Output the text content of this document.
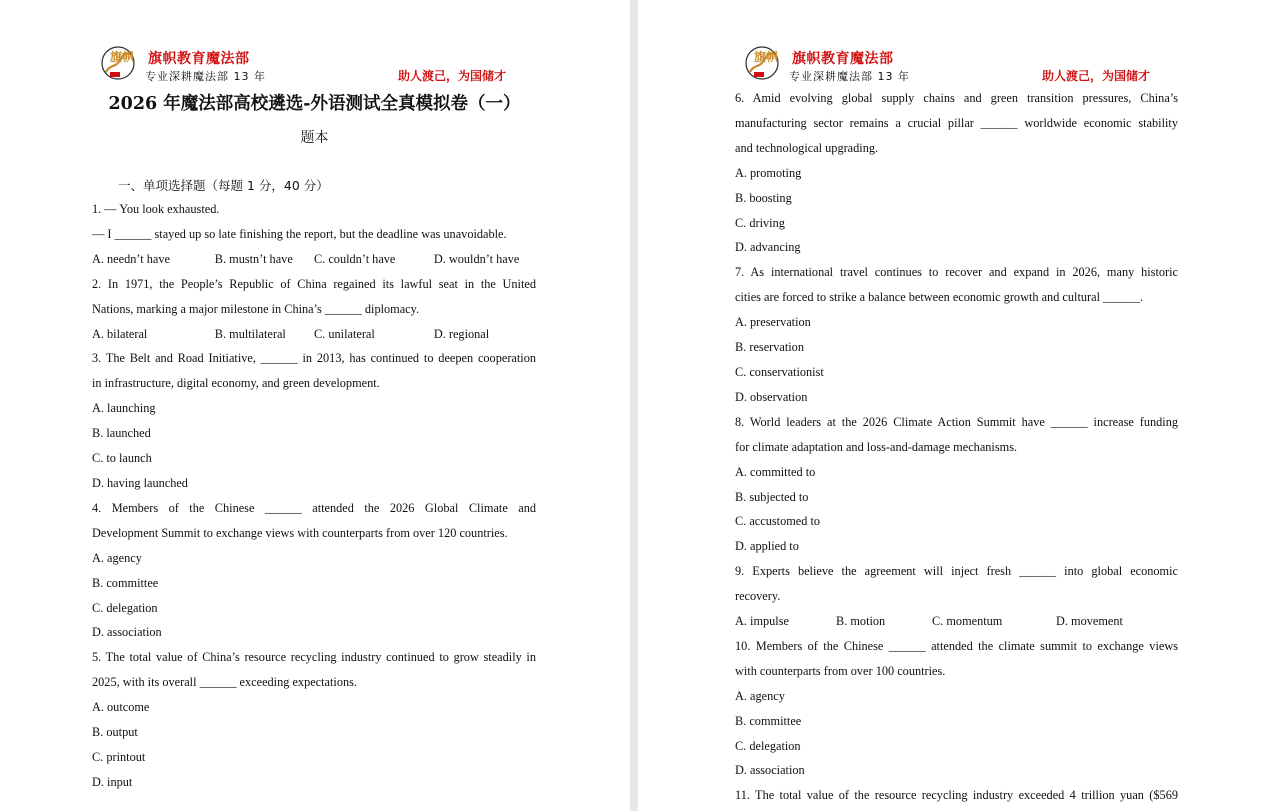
旗帜 旗帜教育魔法部
专业深耕魔法部 13 年	助人渡己，为国储才
2026 年魔法部高校遴选-外语测试全真模拟卷（一）
题本
一、单项选择题（每题 1 分，40 分）
1. — You look exhausted.
— I ______ stayed up so late finishing the report, but the deadline was unavoidable.
A. needn’t have	B. mustn’t have	C. couldn’t have	D. wouldn’t have
2. In 1971, the People’s Republic of China regained its lawful seat in the United
Nations, marking a major milestone in China’s ______ diplomacy.
A. bilateral	B. multilateral	C. unilateral	D. regional
3. The Belt and Road Initiative, ______ in 2013, has continued to deepen cooperation
in infrastructure, digital economy, and green development.
A. launching
B. launched
C. to launch
D. having launched
4. Members of the Chinese ______ attended the 2026 Global Climate and
Development Summit to exchange views with counterparts from over 120 countries.
A. agency
B. committee
C. delegation
D. association
5. The total value of China’s resource recycling industry continued to grow steadily in
2025, with its overall ______ exceeding expectations.
A. outcome
B. output
C. printout
D. input
旗帜 旗帜教育魔法部
专业深耕魔法部 13 年	助人渡己，为国储才
6. Amid evolving global supply chains and green transition pressures, China’s
manufacturing sector remains a crucial pillar ______ worldwide economic stability
and technological upgrading.
A. promoting
B. boosting
C. driving
D. advancing
7. As international travel continues to recover and expand in 2026, many historic
cities are forced to strike a balance between economic growth and cultural ______.
A. preservation
B. reservation
C. conservationist
D. observation
8. World leaders at the 2026 Climate Action Summit have ______ increase funding
for climate adaptation and loss-and-damage mechanisms.
A. committed to
B. subjected to
C. accustomed to
D. applied to
9. Experts believe the agreement will inject fresh ______ into global economic
recovery.
A. impulse	B. motion	C. momentum	D. movement
10. Members of the Chinese ______ attended the climate summit to exchange views
with counterparts from over 100 countries.
A. agency
B. committee
C. delegation
D. association
11. The total value of the resource recycling industry exceeded 4 trillion yuan ($569
